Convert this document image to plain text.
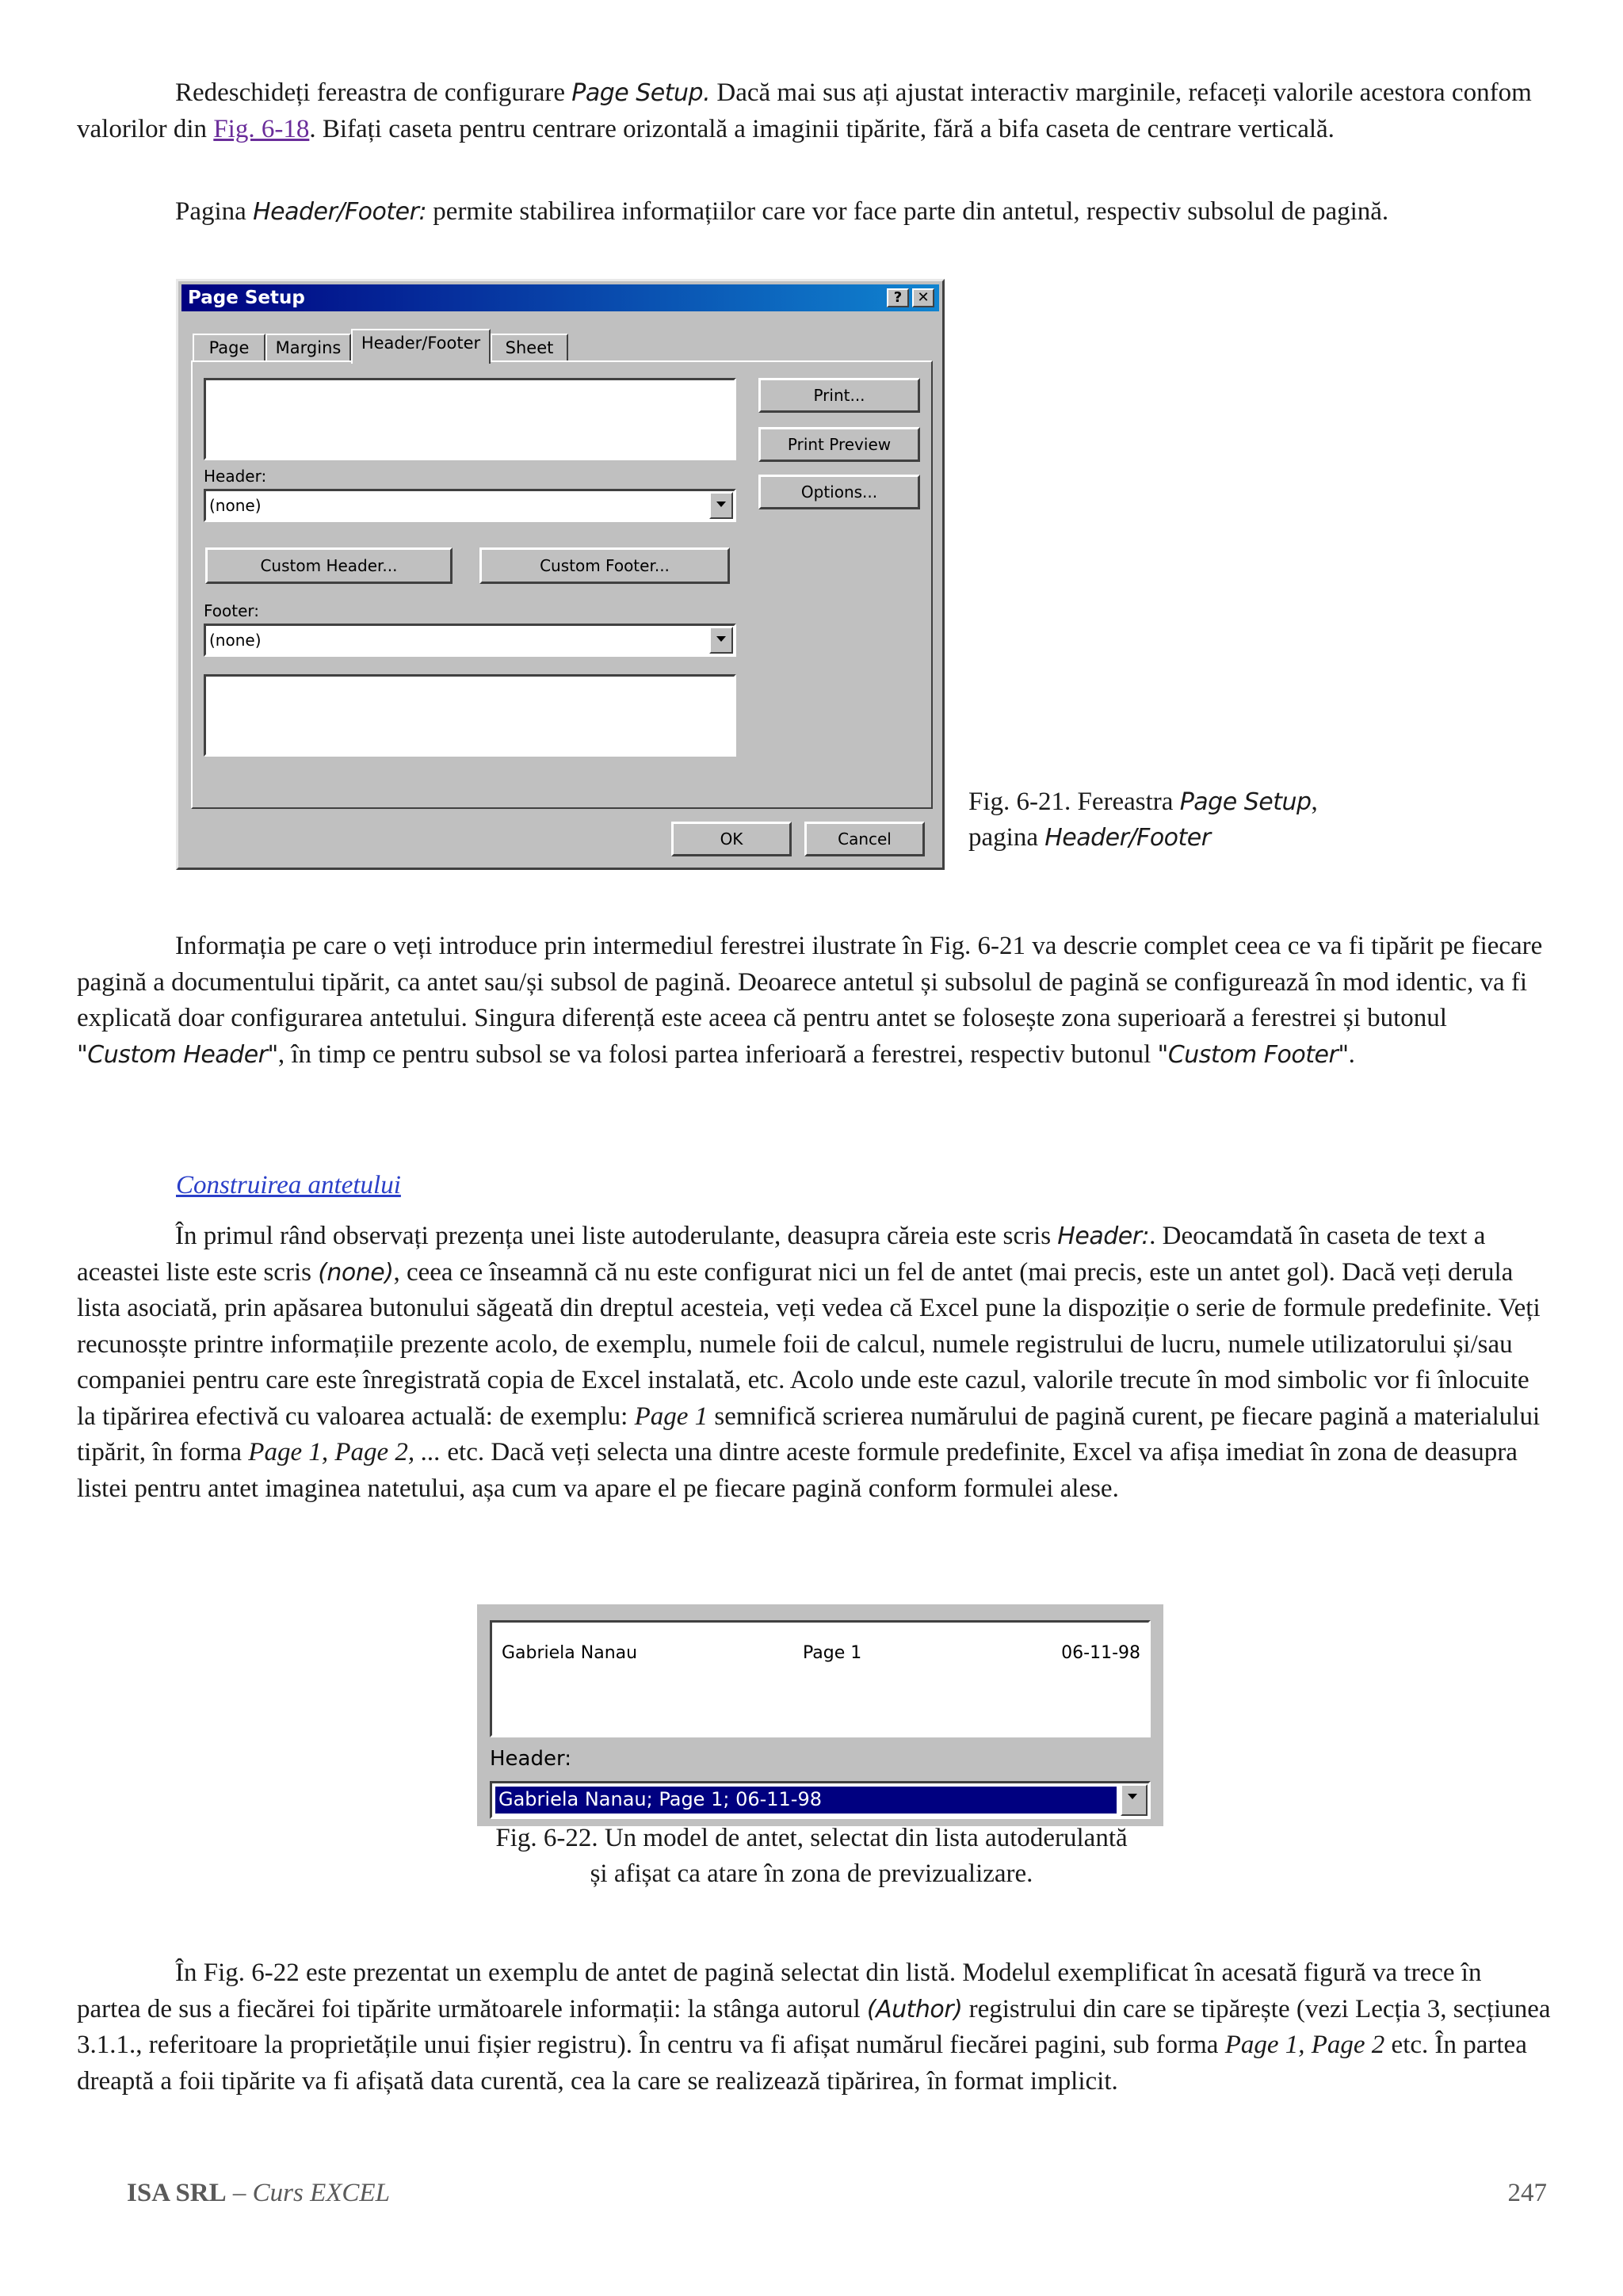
Redeschideți fereastra de configurare Page Setup. Dacă mai sus ați ajustat interactiv marginile, refaceți valorile acestora confom valorilor din Fig. 6-18. Bifați caseta pentru centrare orizontală a imaginii tipărite, fără a bifa caseta de centrare verticală.

Pagina Header/Footer: permite stabilirea informațiilor care vor face parte din antetul, respectiv subsolul de pagină.

Page Setup	?	✕
Page	Margins	Header/Footer	Sheet
Header:
(none)
Custom Header...	Custom Footer...
Footer:
(none)
Print...
Print Preview
Options...
OK	Cancel
Fig. 6-21. Fereastra Page Setup,
pagina Header/Footer

Informația pe care o veți introduce prin intermediul ferestrei ilustrate în Fig. 6-21 va descrie complet ceea ce va fi tipărit pe fiecare pagină a documentului tipărit, ca antet sau/și subsol de pagină. Deoarece antetul și subsolul de pagină se configurează în mod identic, va fi explicată doar configurarea antetului. Singura diferență este aceea că pentru antet se folosește zona superioară a ferestrei și butonul "Custom Header", în timp ce pentru subsol se va folosi partea inferioară a ferestrei, respectiv butonul "Custom Footer".

Construirea antetului

În primul rând observați prezența unei liste autoderulante, deasupra căreia este scris Header:. Deocamdată în caseta de text a aceastei liste este scris (none), ceea ce înseamnă că nu este configurat nici un fel de antet (mai precis, este un antet gol). Dacă veți derula lista asociată, prin apăsarea butonului săgeată din dreptul acesteia, veți vedea că Excel pune la dispoziție o serie de formule predefinite. Veți recunosște printre informațiile prezente acolo, de exemplu, numele foii de calcul, numele registrului de lucru, numele utilizatorului și/sau companiei pentru care este înregistrată copia de Excel instalată, etc. Acolo unde este cazul, valorile trecute în mod simbolic vor fi înlocuite la tipărirea efectivă cu valoarea actuală: de exemplu: Page 1 semnifică scrierea numărului de pagină curent, pe fiecare pagină a materialului tipărit, în forma Page 1, Page 2, ... etc. Dacă veți selecta una dintre aceste formule predefinite, Excel va afișa imediat în zona de deasupra listei pentru antet imaginea natetului, așa cum va apare el pe fiecare pagină conform formulei alese.

Gabriela Nanau	Page 1	06-11-98
Header:
Gabriela Nanau; Page 1; 06-11-98
Fig. 6-22. Un model de antet, selectat din lista autoderulantă
și afișat ca atare în zona de previzualizare.

În Fig. 6-22 este prezentat un exemplu de antet de pagină selectat din listă. Modelul exemplificat în acesată figură va trece în partea de sus a fiecărei foi tipărite următoarele informații: la stânga autorul (Author) registrului din care se tipărește (vezi Lecția 3, secțiunea 3.1.1., referitoare la proprietățile unui fișier registru). În centru va fi afișat numărul fiecărei pagini, sub forma Page 1, Page 2 etc. În partea dreaptă a foii tipărite va fi afișată data curentă, cea la care se realizează tipărirea, în format implicit.

ISA SRL – Curs EXCEL	247
